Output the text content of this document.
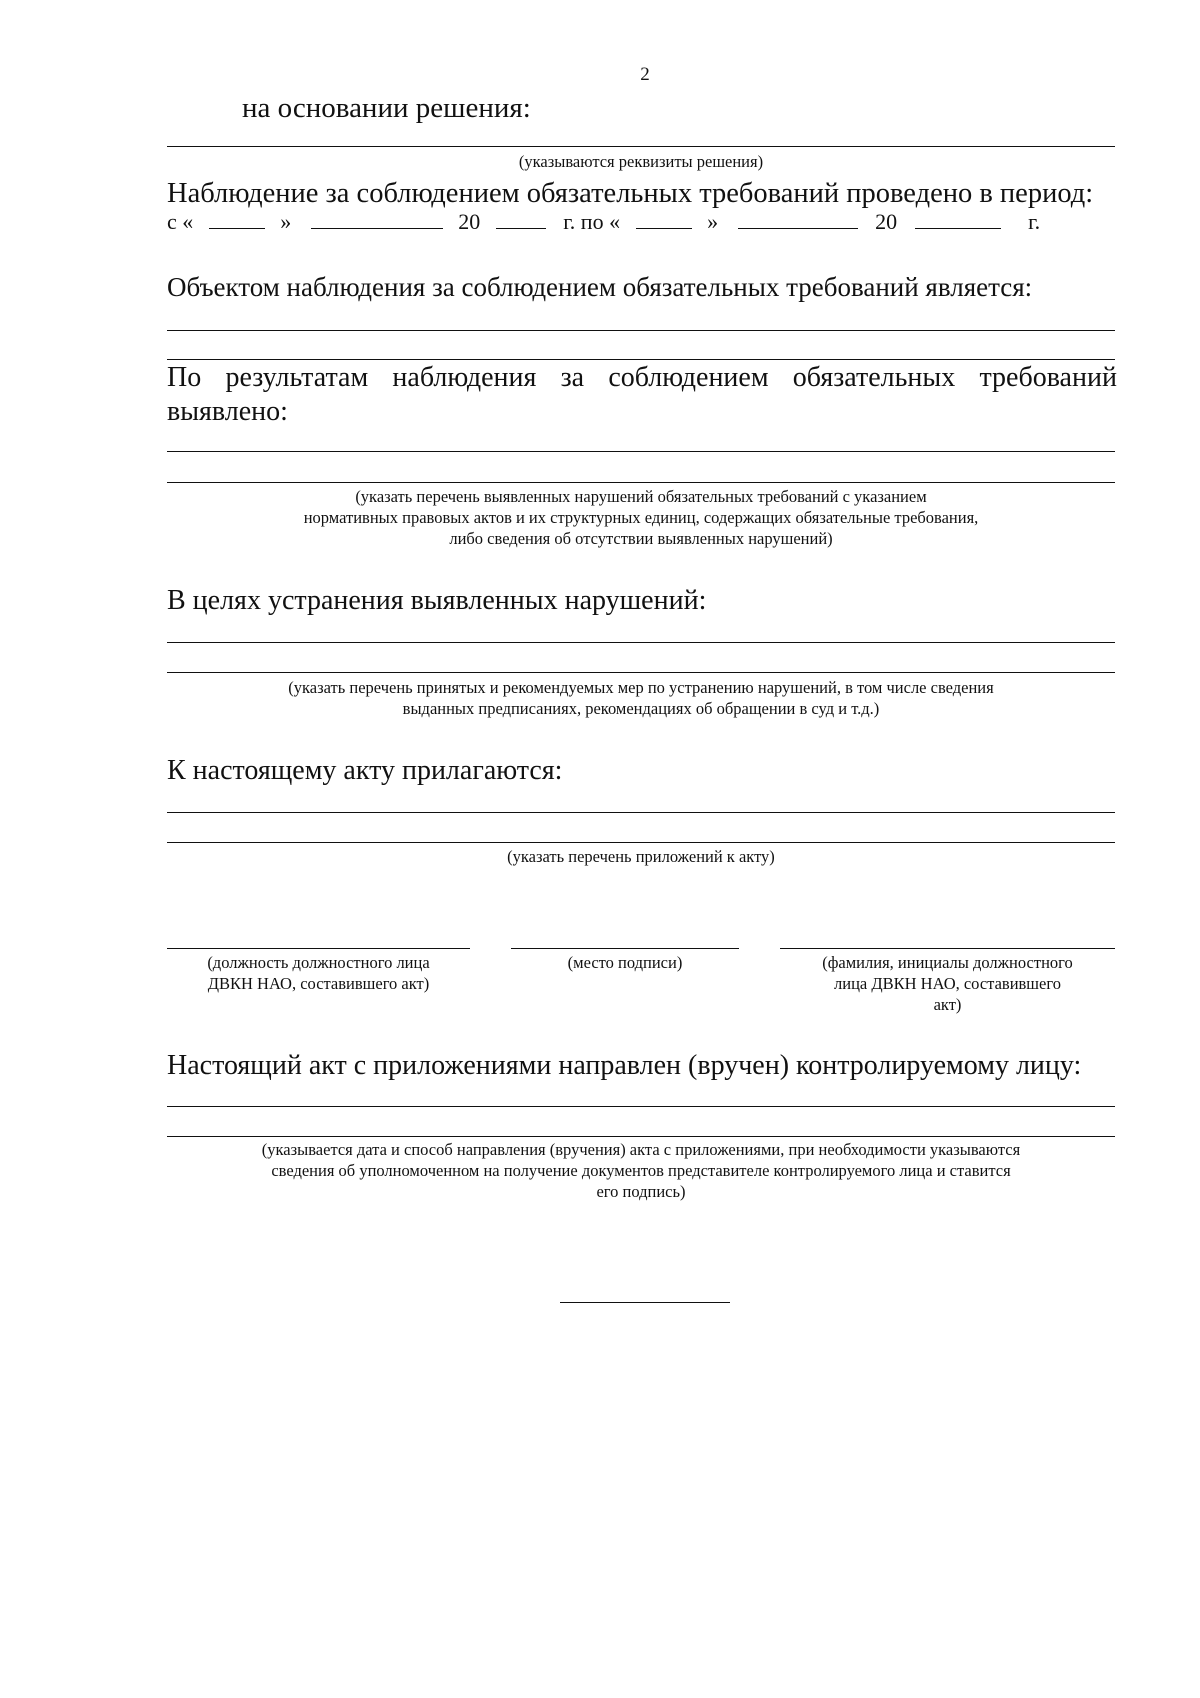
2
на основании решения:
(указываются реквизиты решения)
Наблюдение за соблюдением обязательных требований проведено в период:
с «	»	20	г. по «	»	20	г.
Объектом наблюдения за соблюдением обязательных требований является:
По результатам наблюдения за соблюдением обязательных требований
выявлено:
(указать перечень выявленных нарушений обязательных требований с указанием
нормативных правовых актов и их структурных единиц, содержащих обязательные требования,
либо сведения об отсутствии выявленных нарушений)
В целях устранения выявленных нарушений:
(указать перечень принятых и рекомендуемых мер по устранению нарушений, в том числе сведения
выданных предписаниях, рекомендациях об обращении в суд и т.д.)
К настоящему акту прилагаются:
(указать перечень приложений к акту)
(должность должностного лица
ДВКН НАО, составившего акт)
(место подписи)	(фамилия, инициалы должностного
лица ДВКН НАО, составившего
акт)
Настоящий акт с приложениями направлен (вручен) контролируемому лицу:
(указывается дата и способ направления (вручения) акта с приложениями, при необходимости указываются
сведения об уполномоченном на получение документов представителе контролируемого лица и ставится
его подпись)
